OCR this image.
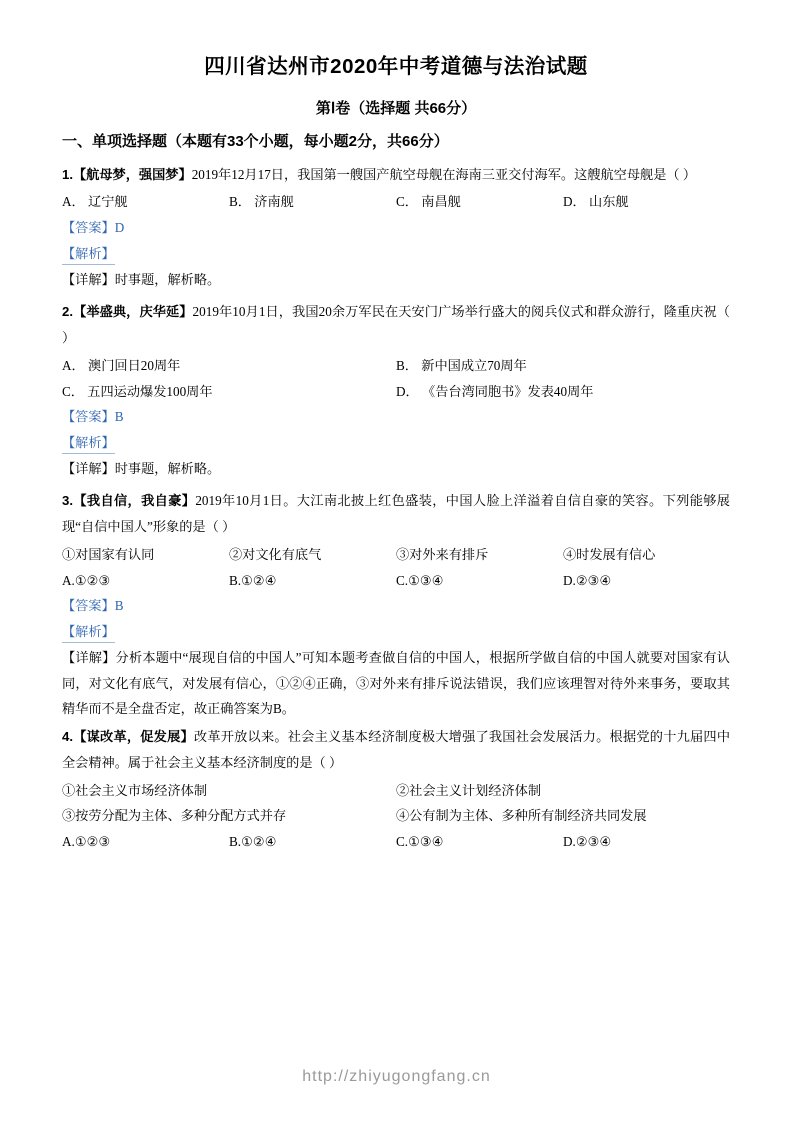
四川省达州市2020年中考道德与法治试题
第Ⅰ卷（选择题 共66分）
一、单项选择题（本题有33个小题，每小题2分，共66分）

1.【航母梦，强国梦】2019年12月17日，我国第一艘国产航空母舰在海南三亚交付海军。这艘航空母舰是（ ）

A． 辽宁舰	B． 济南舰	C． 南昌舰	D． 山东舰

【答案】D

【解析】

【详解】时事题，解析略。

2.【举盛典，庆华延】2019年10月1日，我国20余万军民在天安门广场举行盛大的阅兵仪式和群众游行，隆重庆祝（ ）

A． 澳门回日20周年	B． 新中国成立70周年
C． 五四运动爆发100周年	D． 《告台湾同胞书》发表40周年

【答案】B

【解析】

【详解】时事题，解析略。

3.【我自信，我自豪】2019年10月1日。大江南北披上红色盛装，中国人脸上洋溢着自信自豪的笑容。下列能够展现“自信中国人”形象的是（ ）

①对国家有认同	②对文化有底气	③对外来有排斥	④时发展有信心
A.①②③	B.①②④	C.①③④	D.②③④

【答案】B

【解析】

【详解】分析本题中“展现自信的中国人”可知本题考查做自信的中国人，根据所学做自信的中国人就要对国家有认同，对文化有底气，对发展有信心，①②④正确，③对外来有排斥说法错误，我们应该理智对待外来事务，要取其精华而不是全盘否定，故正确答案为B。

4.【谋改革，促发展】改革开放以来。社会主义基本经济制度极大增强了我国社会发展活力。根据党的十九届四中全会精神。属于社会主义基本经济制度的是（ ）

①社会主义市场经济体制	②社会主义计划经济体制
③按劳分配为主体、多种分配方式并存	④公有制为主体、多种所有制经济共同发展
A.①②③	B.①②④	C.①③④	D.②③④
http://zhiyugongfang.cn
